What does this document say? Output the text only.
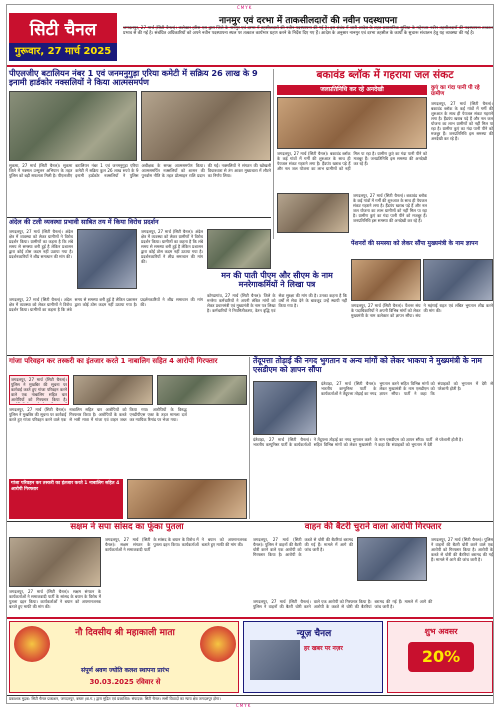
CMYK
सिटी चैनल
गुरूवार, 27 मार्च 2025
नानमुर एवं दरभा में ताकसीलदारों की नवीन पदस्थापना
जगदलपुर, 27 मार्च (सिटी चैनल)। कलेक्टर हरिस एस द्वारा जिले के नानमुर एवं दरभा में तहसीलदारों की नवीन पदस्थापना की गई है। इस संबंध में जारी आदेश के तहत प्रशासनिक सुविधा के मद्देनजर नवीन तहसीलदारों की पदस्थापना तत्काल प्रभाव से की गई है। संबंधित अधिकारियों को अपने नवीन पदस्थापना स्थल पर तत्काल कार्यभार ग्रहण करने के निर्देश दिए गए हैं। आदेश के अनुसार नानमुर एवं दरभा तहसील के कार्यों के सुचारू संचालन हेतु यह व्यवस्था की गई है।
पीएलजीए बटालियन नंबर 1 एवं जनमनुगुड़ा एरिया कमेटी में सक्रिय 26 लाख के 9 इनामी हार्डकोर नक्सलियों ने किया आत्मसमर्पण
सुकमा, 27 मार्च (सिटी चैनल)। सुकमा जिले में नक्सल उन्मूलन अभियान के तहत पुलिस को बड़ी सफलता मिली है। पीएलजीए बटालियन नंबर 1 एवं जनमनुगुड़ा एरिया कमेटी में सक्रिय कुल 26 लाख रुपये के 9 इनामी हार्डकोर नक्सलियों ने पुलिस अधीक्षक के समक्ष आत्मसमर्पण किया। आत्मसमर्पित नक्सलियों को शासन की पुनर्वास नीति के तहत प्रोत्साहन राशि प्रदान की गई। नक्सलियों ने संगठन की खोखली विचारधारा से तंग आकर मुख्यधारा में लौटने का निर्णय लिया।
बकावंड ब्लॉक में गहराया जल संकट
जलप्रतिनिधि कर रहे अनदेखी	कुएं का गंदा पानी पी रहे ग्रामीण
जगदलपुर, 27 मार्च (सिटी चैनल)। बकावंड ब्लॉक के कई गांवों में गर्मी की शुरुआत के साथ ही पेयजल संकट गहराने लगा है। हैंडपंप खराब पड़े हैं और नल जल योजना का लाभ ग्रामीणों को नहीं मिल पा रहा है। ग्रामीण कुएं का गंदा पानी पीने को मजबूर हैं। जनप्रतिनिधि इस समस्या की अनदेखी कर रहे हैं।
जगदलपुर, 27 मार्च (सिटी चैनल)। बकावंड ब्लॉक के कई गांवों में गर्मी की शुरुआत के साथ ही पेयजल संकट गहराने लगा है। हैंडपंप खराब पड़े हैं और नल जल योजना का लाभ ग्रामीणों को नहीं मिल पा रहा है। ग्रामीण कुएं का गंदा पानी पीने को मजबूर हैं। जनप्रतिनिधि इस समस्या की अनदेखी कर रहे हैं।
जगदलपुर, 27 मार्च (सिटी चैनल)। बकावंड ब्लॉक के कई गांवों में गर्मी की शुरुआत के साथ ही पेयजल संकट गहराने लगा है। हैंडपंप खराब पड़े हैं और नल जल योजना का लाभ ग्रामीणों को नहीं मिल पा रहा है। ग्रामीण कुएं का गंदा पानी पीने को मजबूर हैं। जनप्रतिनिधि इस समस्या की अनदेखी कर रहे हैं।
अंदेल की टली व्यवस्था प्रभावी साबित तय में किया विरोध प्रदर्शन
जगदलपुर, 27 मार्च (सिटी चैनल)। अंदेल क्षेत्र में व्यवस्था को लेकर ग्रामीणों ने विरोध प्रदर्शन किया। ग्रामीणों का कहना है कि लंबे समय से समस्या बनी हुई है लेकिन प्रशासन द्वारा कोई ठोस कदम नहीं उठाया गया है। प्रदर्शनकारियों ने शीघ्र समाधान की मांग की।
जगदलपुर, 27 मार्च (सिटी चैनल)। अंदेल क्षेत्र में व्यवस्था को लेकर ग्रामीणों ने विरोध प्रदर्शन किया। ग्रामीणों का कहना है कि लंबे समय से समस्या बनी हुई है लेकिन प्रशासन द्वारा कोई ठोस कदम नहीं उठाया गया है। प्रदर्शनकारियों ने शीघ्र समाधान की मांग की।
मन की पाती पीएम और सीएम के नाम मनरेगाकर्मियों ने लिखा पत्र
कोण्डागांव, 27 मार्च (सिटी चैनल)। जिले के मनरेगा कर्मचारियों ने अपनी लंबित मांगों को लेकर प्रधानमंत्री एवं मुख्यमंत्री के नाम पत्र लिखा है। कर्मचारियों ने नियमितीकरण, वेतन वृद्धि एवं सेवा सुरक्षा की मांग की है। उनका कहना है कि वर्षों से सेवा देने के बावजूद उन्हें स्थायी नहीं किया गया है।
जगदलपुर, 27 मार्च (सिटी चैनल)। अंदेल क्षेत्र में व्यवस्था को लेकर ग्रामीणों ने विरोध प्रदर्शन किया। ग्रामीणों का कहना है कि लंबे समय से समस्या बनी हुई है लेकिन प्रशासन द्वारा कोई ठोस कदम नहीं उठाया गया है। प्रदर्शनकारियों ने शीघ्र समाधान की मांग की।
पेंशनरों की समस्या को लेकर सौंपा मुख्यमंत्री के नाम ज्ञापन
जगदलपुर, 27 मार्च (सिटी चैनल)। पेंशनर संघ के पदाधिकारियों ने अपनी विभिन्न मांगों को लेकर मुख्यमंत्री के नाम कलेक्टर को ज्ञापन सौंपा। संघ ने महंगाई राहत एवं लंबित भुगतान शीघ्र करने की मांग की।
गांजा परिवहन कर तस्करी का इंतजार करते 1 नाबालिग सहित 4 आरोपी गिरफ्तार
जगदलपुर, 27 मार्च (सिटी चैनल)। पुलिस ने मुखबिर की सूचना पर कार्रवाई करते हुए गांजा परिवहन करने वाले एक नाबालिग सहित चार आरोपियों को गिरफ्तार किया है।
जगदलपुर, 27 मार्च (सिटी चैनल)। पुलिस ने मुखबिर की सूचना पर कार्रवाई करते हुए गांजा परिवहन करने वाले एक नाबालिग सहित चार आरोपियों को गिरफ्तार किया है। आरोपियों के कब्जे से भारी मात्रा में गांजा एवं वाहन जब्त किया गया। आरोपियों के विरुद्ध एनडीपीएस एक्ट के तहत मामला दर्ज कर न्यायिक रिमांड पर भेजा गया।
तेंदूपत्ता तोड़ाई की नगद भुगतान व अन्य मांगों को लेकर भाकपा ने मुख्यमंत्री के नाम एसडीएम को ज्ञापन सौंपा
दंतेवाड़ा, 27 मार्च (सिटी चैनल)। भारतीय कम्युनिस्ट पार्टी के कार्यकर्ताओं ने तेंदूपत्ता तोड़ाई का नगद भुगतान करने सहित विभिन्न मांगों को लेकर मुख्यमंत्री के नाम एसडीएम को ज्ञापन सौंपा। पार्टी ने कहा कि संग्राहकों को भुगतान में देरी से परेशानी होती है।
दंतेवाड़ा, 27 मार्च (सिटी चैनल)। भारतीय कम्युनिस्ट पार्टी के कार्यकर्ताओं ने तेंदूपत्ता तोड़ाई का नगद भुगतान करने सहित विभिन्न मांगों को लेकर मुख्यमंत्री के नाम एसडीएम को ज्ञापन सौंपा। पार्टी ने कहा कि संग्राहकों को भुगतान में देरी से परेशानी होती है।
गांजा परिवहन कर तस्करी का इंतजार करते 1 नाबालिग सहित 4 आरोपी गिरफ्तार
सक्षम ने सपा सांसद का फूंका पुतला	वाहन की बैटरी चुराने वाला आरोपी गिरफ्तार
जगदलपुर, 27 मार्च (सिटी चैनल)। सक्षम संगठन के कार्यकर्ताओं ने समाजवादी पार्टी के सांसद के बयान के विरोध में पुतला दहन किया। कार्यकर्ताओं ने बयान को अपमानजनक बताते हुए माफी की मांग की।
जगदलपुर, 27 मार्च (सिटी चैनल)। सक्षम संगठन के कार्यकर्ताओं ने समाजवादी पार्टी के सांसद के बयान के विरोध में पुतला दहन किया। कार्यकर्ताओं ने बयान को अपमानजनक बताते हुए माफी की मांग की।
जगदलपुर, 27 मार्च (सिटी चैनल)। पुलिस ने वाहनों की बैटरी चोरी करने वाले एक आरोपी को गिरफ्तार किया है। आरोपी के कब्जे से चोरी की बैटरियां बरामद की गई हैं। मामले में आगे की जांच जारी है।
जगदलपुर, 27 मार्च (सिटी चैनल)। पुलिस ने वाहनों की बैटरी चोरी करने वाले एक आरोपी को गिरफ्तार किया है। आरोपी के कब्जे से चोरी की बैटरियां बरामद की गई हैं। मामले में आगे की जांच जारी है।
जगदलपुर, 27 मार्च (सिटी चैनल)। पुलिस ने वाहनों की बैटरी चोरी करने वाले एक आरोपी को गिरफ्तार किया है। आरोपी के कब्जे से चोरी की बैटरियां बरामद की गई हैं। मामले में आगे की जांच जारी है।
नौ दिवसीय श्री महाकाली माता
संपूर्ण श्रवण ज्योति कलश स्थापना प्रारंभ
30.03.2025 रविवार से
न्यूज़ चैनल
हर खबर पर नज़र
शुभ अवसर
20%
प्रकाशक मुद्रक: सिटी चैनल प्रकाशन, जगदलपुर, बस्तर (छ.ग.) द्वारा मुद्रित एवं प्रकाशित। संपादक: सिटी चैनल। सभी विवादों का न्याय क्षेत्र जगदलपुर होगा।
CMYK
